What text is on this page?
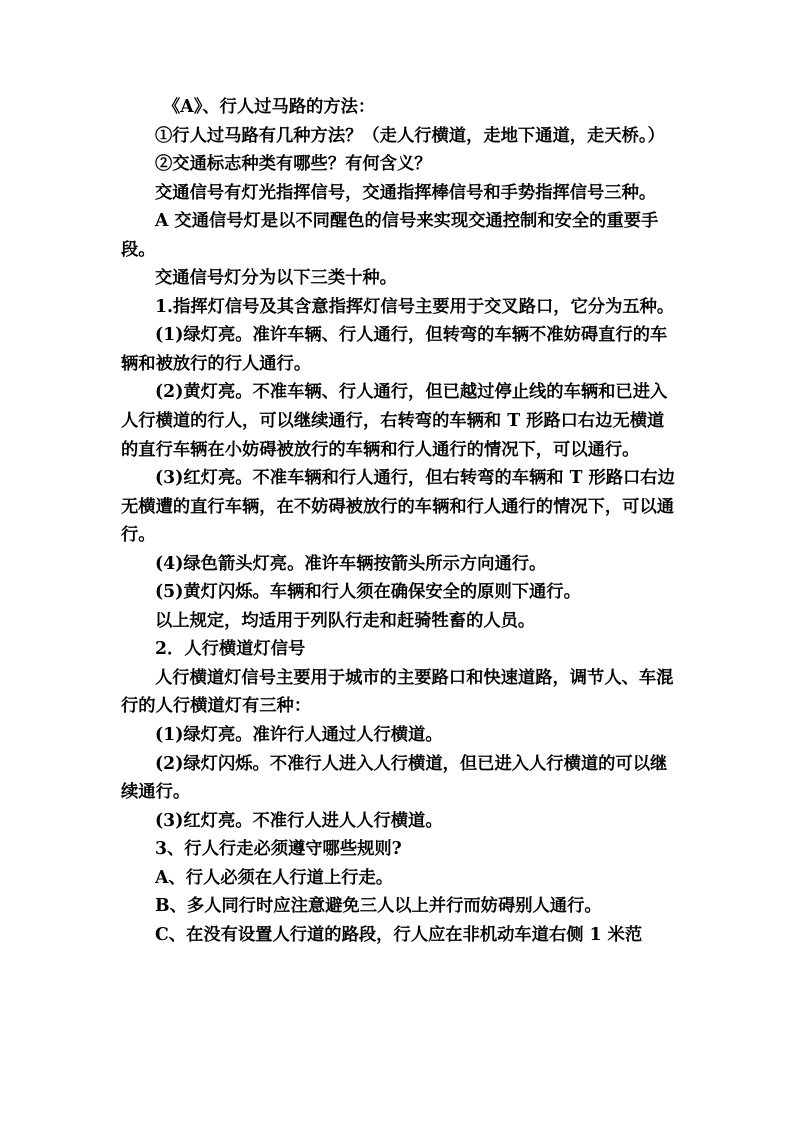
《A》、行人过马路的方法：

①行人过马路有几种方法？（走人行横道，走地下通道，走天桥。）

②交通标志种类有哪些？有何含义？

交通信号有灯光指挥信号，交通指挥棒信号和手势指挥信号三种。

A 交通信号灯是以不同醒色的信号来实现交通控制和安全的重要手段。

交通信号灯分为以下三类十种。

1.指挥灯信号及其含意指挥灯信号主要用于交叉路口，它分为五种。

(1)绿灯亮。准许车辆、行人通行，但转弯的车辆不准妨碍直行的车辆和被放行的行人通行。

(2)黄灯亮。不准车辆、行人通行，但已越过停止线的车辆和已进入人行横道的行人，可以继续通行，右转弯的车辆和 T 形路口右边无横道的直行车辆在小妨碍被放行的车辆和行人通行的情况下，可以通行。

(3)红灯亮。不准车辆和行人通行，但右转弯的车辆和 T 形路口右边无横遭的直行车辆，在不妨碍被放行的车辆和行人通行的情况下，可以通行。

(4)绿色箭头灯亮。准许车辆按箭头所示方向通行。

(5)黄灯闪烁。车辆和行人须在确保安全的原则下通行。

以上规定，均适用于列队行走和赶骑牲畜的人员。

2．人行横道灯信号

人行横道灯信号主要用于城市的主要路口和快速道路，调节人、车混行的人行横道灯有三种：

(1)绿灯亮。准许行人通过人行横道。

(2)绿灯闪烁。不准行人进入人行横道，但已进入人行横道的可以继续通行。

(3)红灯亮。不准行人进人人行横道。

3、行人行走必须遵守哪些规则?

A、行人必须在人行道上行走。

B、多人同行时应注意避免三人以上并行而妨碍别人通行。

C、在没有设置人行道的路段，行人应在非机动车道右侧 1 米范
